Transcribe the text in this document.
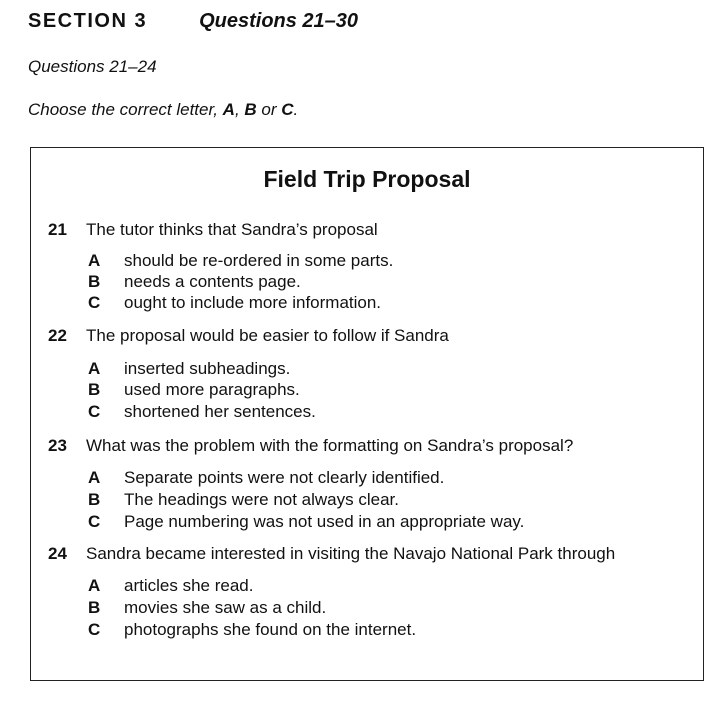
SECTION 3	Questions 21–30
Questions 21–24
Choose the correct letter, A, B or C.
Field Trip Proposal
21	The tutor thinks that Sandra’s proposal
A	should be re-ordered in some parts.
B	needs a contents page.
C	ought to include more information.
22	The proposal would be easier to follow if Sandra
A	inserted subheadings.
B	used more paragraphs.
C	shortened her sentences.
23	What was the problem with the formatting on Sandra’s proposal?
A	Separate points were not clearly identified.
B	The headings were not always clear.
C	Page numbering was not used in an appropriate way.
24	Sandra became interested in visiting the Navajo National Park through
A	articles she read.
B	movies she saw as a child.
C	photographs she found on the internet.
